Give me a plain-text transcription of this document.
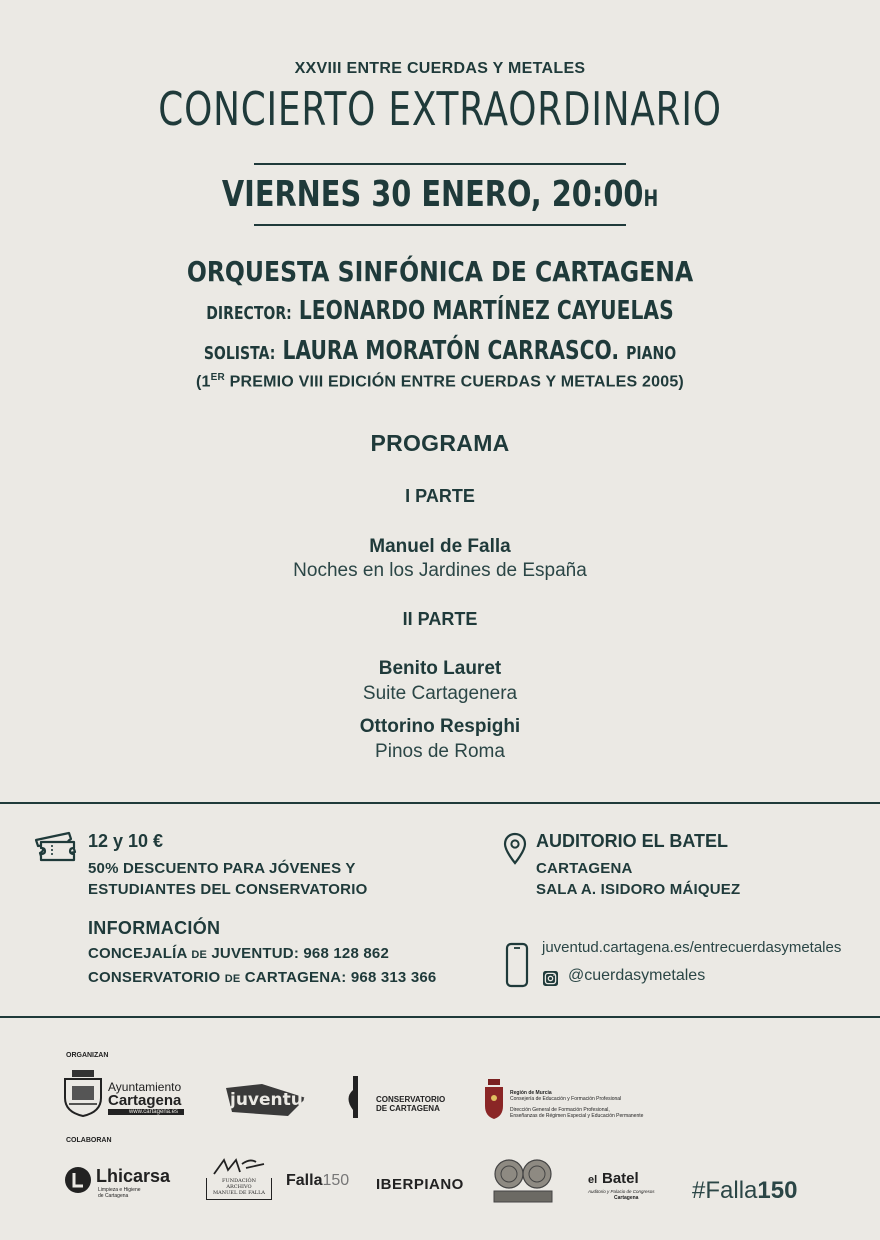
XXVIII ENTRE CUERDAS Y METALES
CONCIERTO EXTRAORDINARIO
VIERNES 30 ENERO, 20:00H
ORQUESTA SINFÓNICA DE CARTAGENA
DIRECTOR: LEONARDO MARTÍNEZ CAYUELAS
SOLISTA: LAURA MORATÓN CARRASCO. PIANO
(1ER PREMIO VIII EDICIÓN ENTRE CUERDAS Y METALES 2005)
PROGRAMA
I PARTE
Manuel de Falla
Noches en los Jardines de España
II PARTE
Benito Lauret
Suite Cartagenera
Ottorino Respighi
Pinos de Roma
12 y 10 €
50% DESCUENTO PARA JÓVENES Y
ESTUDIANTES DEL CONSERVATORIO
INFORMACIÓN
CONCEJALÍA DE JUVENTUD: 968 128 862
CONSERVATORIO DE CARTAGENA: 968 313 366
AUDITORIO EL BATEL
CARTAGENA
SALA A. ISIDORO MÁIQUEZ
juventud.cartagena.es/entrecuerdasymetales
@cuerdasymetales
ORGANIZAN
Ayuntamiento
Cartagena
www.cartagena.es
juventud	CONSERVATORIO
DE CARTAGENA
Región de Murcia
Consejería de Educación y Formación Profesional
Dirección General de Formación Profesional,
Enseñanzas de Régimen Especial y Educación Permanente
COLABORAN
Lhicarsa
Limpieza e Higiene
de Cartagena
FUNDACIÓN
ARCHIVO
MANUEL DE FALLA
Falla150 IBERPIANO	el Batel
Auditorio y Palacio de Congresos
Cartagena #Falla150
